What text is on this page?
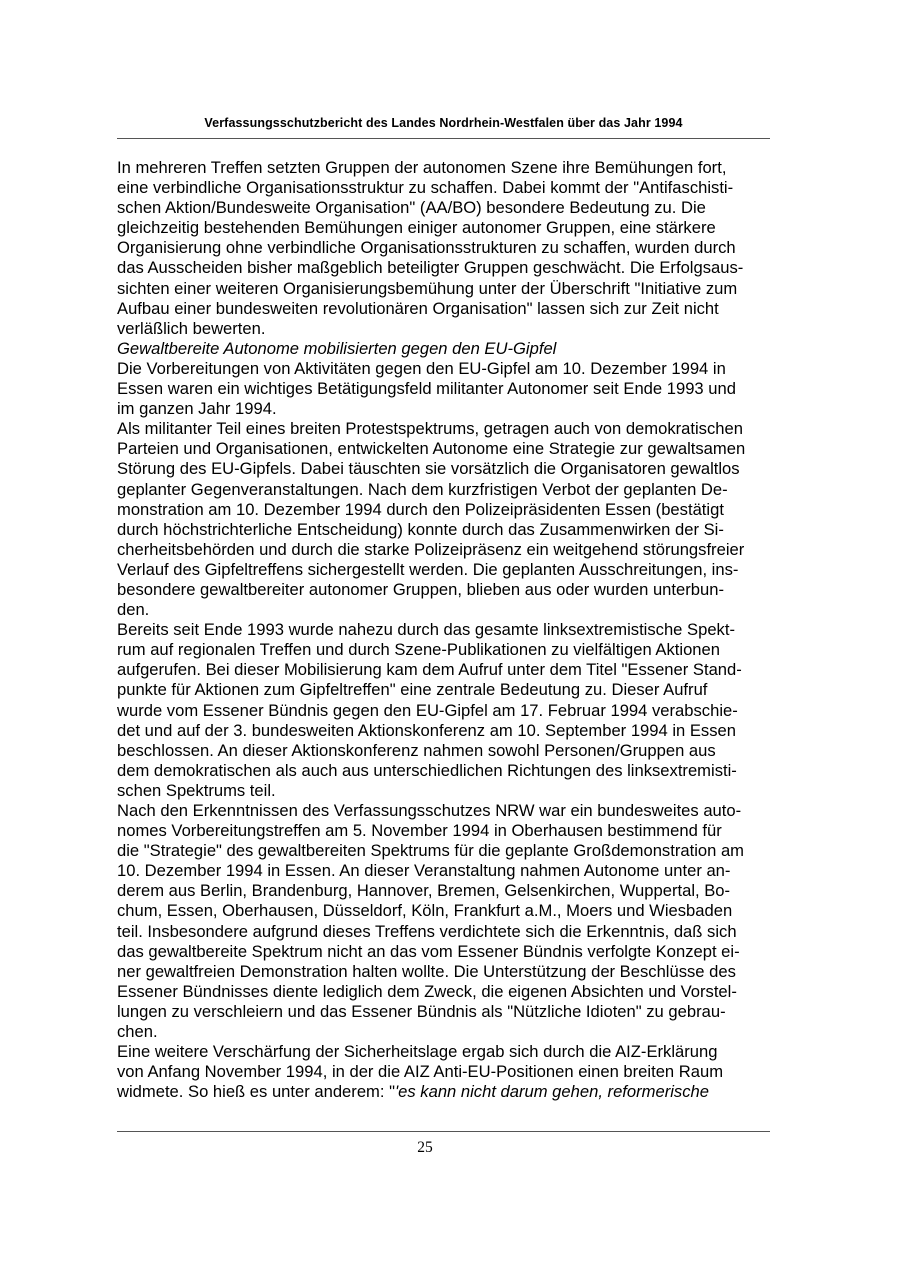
Verfassungsschutzbericht des Landes Nordrhein-Westfalen über das Jahr 1994
In mehreren Treffen setzten Gruppen der autonomen Szene ihre Bemühungen fort,
eine verbindliche Organisationsstruktur zu schaffen. Dabei kommt der "Antifaschisti-
schen Aktion/Bundesweite Organisation" (AA/BO) besondere Bedeutung zu. Die
gleichzeitig bestehenden Bemühungen einiger autonomer Gruppen, eine stärkere
Organisierung ohne verbindliche Organisationsstrukturen zu schaffen, wurden durch
das Ausscheiden bisher maßgeblich beteiligter Gruppen geschwächt. Die Erfolgsaus-
sichten einer weiteren Organisierungsbemühung unter der Überschrift "Initiative zum
Aufbau einer bundesweiten revolutionären Organisation" lassen sich zur Zeit nicht
verläßlich bewerten.
Gewaltbereite Autonome mobilisierten gegen den EU-Gipfel
Die Vorbereitungen von Aktivitäten gegen den EU-Gipfel am 10. Dezember 1994 in
Essen waren ein wichtiges Betätigungsfeld militanter Autonomer seit Ende 1993 und
im ganzen Jahr 1994.
Als militanter Teil eines breiten Protestspektrums, getragen auch von demokratischen
Parteien und Organisationen, entwickelten Autonome eine Strategie zur gewaltsamen
Störung des EU-Gipfels. Dabei täuschten sie vorsätzlich die Organisatoren gewaltlos
geplanter Gegenveranstaltungen. Nach dem kurzfristigen Verbot der geplanten De-
monstration am 10. Dezember 1994 durch den Polizeipräsidenten Essen (bestätigt
durch höchstrichterliche Entscheidung) konnte durch das Zusammenwirken der Si-
cherheitsbehörden und durch die starke Polizeipräsenz ein weitgehend störungsfreier
Verlauf des Gipfeltreffens sichergestellt werden. Die geplanten Ausschreitungen, ins-
besondere gewaltbereiter autonomer Gruppen, blieben aus oder wurden unterbun-
den.
Bereits seit Ende 1993 wurde nahezu durch das gesamte linksextremistische Spekt-
rum auf regionalen Treffen und durch Szene-Publikationen zu vielfältigen Aktionen
aufgerufen. Bei dieser Mobilisierung kam dem Aufruf unter dem Titel "Essener Stand-
punkte für Aktionen zum Gipfeltreffen" eine zentrale Bedeutung zu. Dieser Aufruf
wurde vom Essener Bündnis gegen den EU-Gipfel am 17. Februar 1994 verabschie-
det und auf der 3. bundesweiten Aktionskonferenz am 10. September 1994 in Essen
beschlossen. An dieser Aktionskonferenz nahmen sowohl Personen/Gruppen aus
dem demokratischen als auch aus unterschiedlichen Richtungen des linksextremisti-
schen Spektrums teil.
Nach den Erkenntnissen des Verfassungsschutzes NRW war ein bundesweites auto-
nomes Vorbereitungstreffen am 5. November 1994 in Oberhausen bestimmend für
die "Strategie" des gewaltbereiten Spektrums für die geplante Großdemonstration am
10. Dezember 1994 in Essen. An dieser Veranstaltung nahmen Autonome unter an-
derem aus Berlin, Brandenburg, Hannover, Bremen, Gelsenkirchen, Wuppertal, Bo-
chum, Essen, Oberhausen, Düsseldorf, Köln, Frankfurt a.M., Moers und Wiesbaden
teil. Insbesondere aufgrund dieses Treffens verdichtete sich die Erkenntnis, daß sich
das gewaltbereite Spektrum nicht an das vom Essener Bündnis verfolgte Konzept ei-
ner gewaltfreien Demonstration halten wollte. Die Unterstützung der Beschlüsse des
Essener Bündnisses diente lediglich dem Zweck, die eigenen Absichten und Vorstel-
lungen zu verschleiern und das Essener Bündnis als "Nützliche Idioten" zu gebrau-
chen.
Eine weitere Verschärfung der Sicherheitslage ergab sich durch die AIZ-Erklärung
von Anfang November 1994, in der die AIZ Anti-EU-Positionen einen breiten Raum
widmete. So hieß es unter anderem: "'es kann nicht darum gehen, reformerische
25
